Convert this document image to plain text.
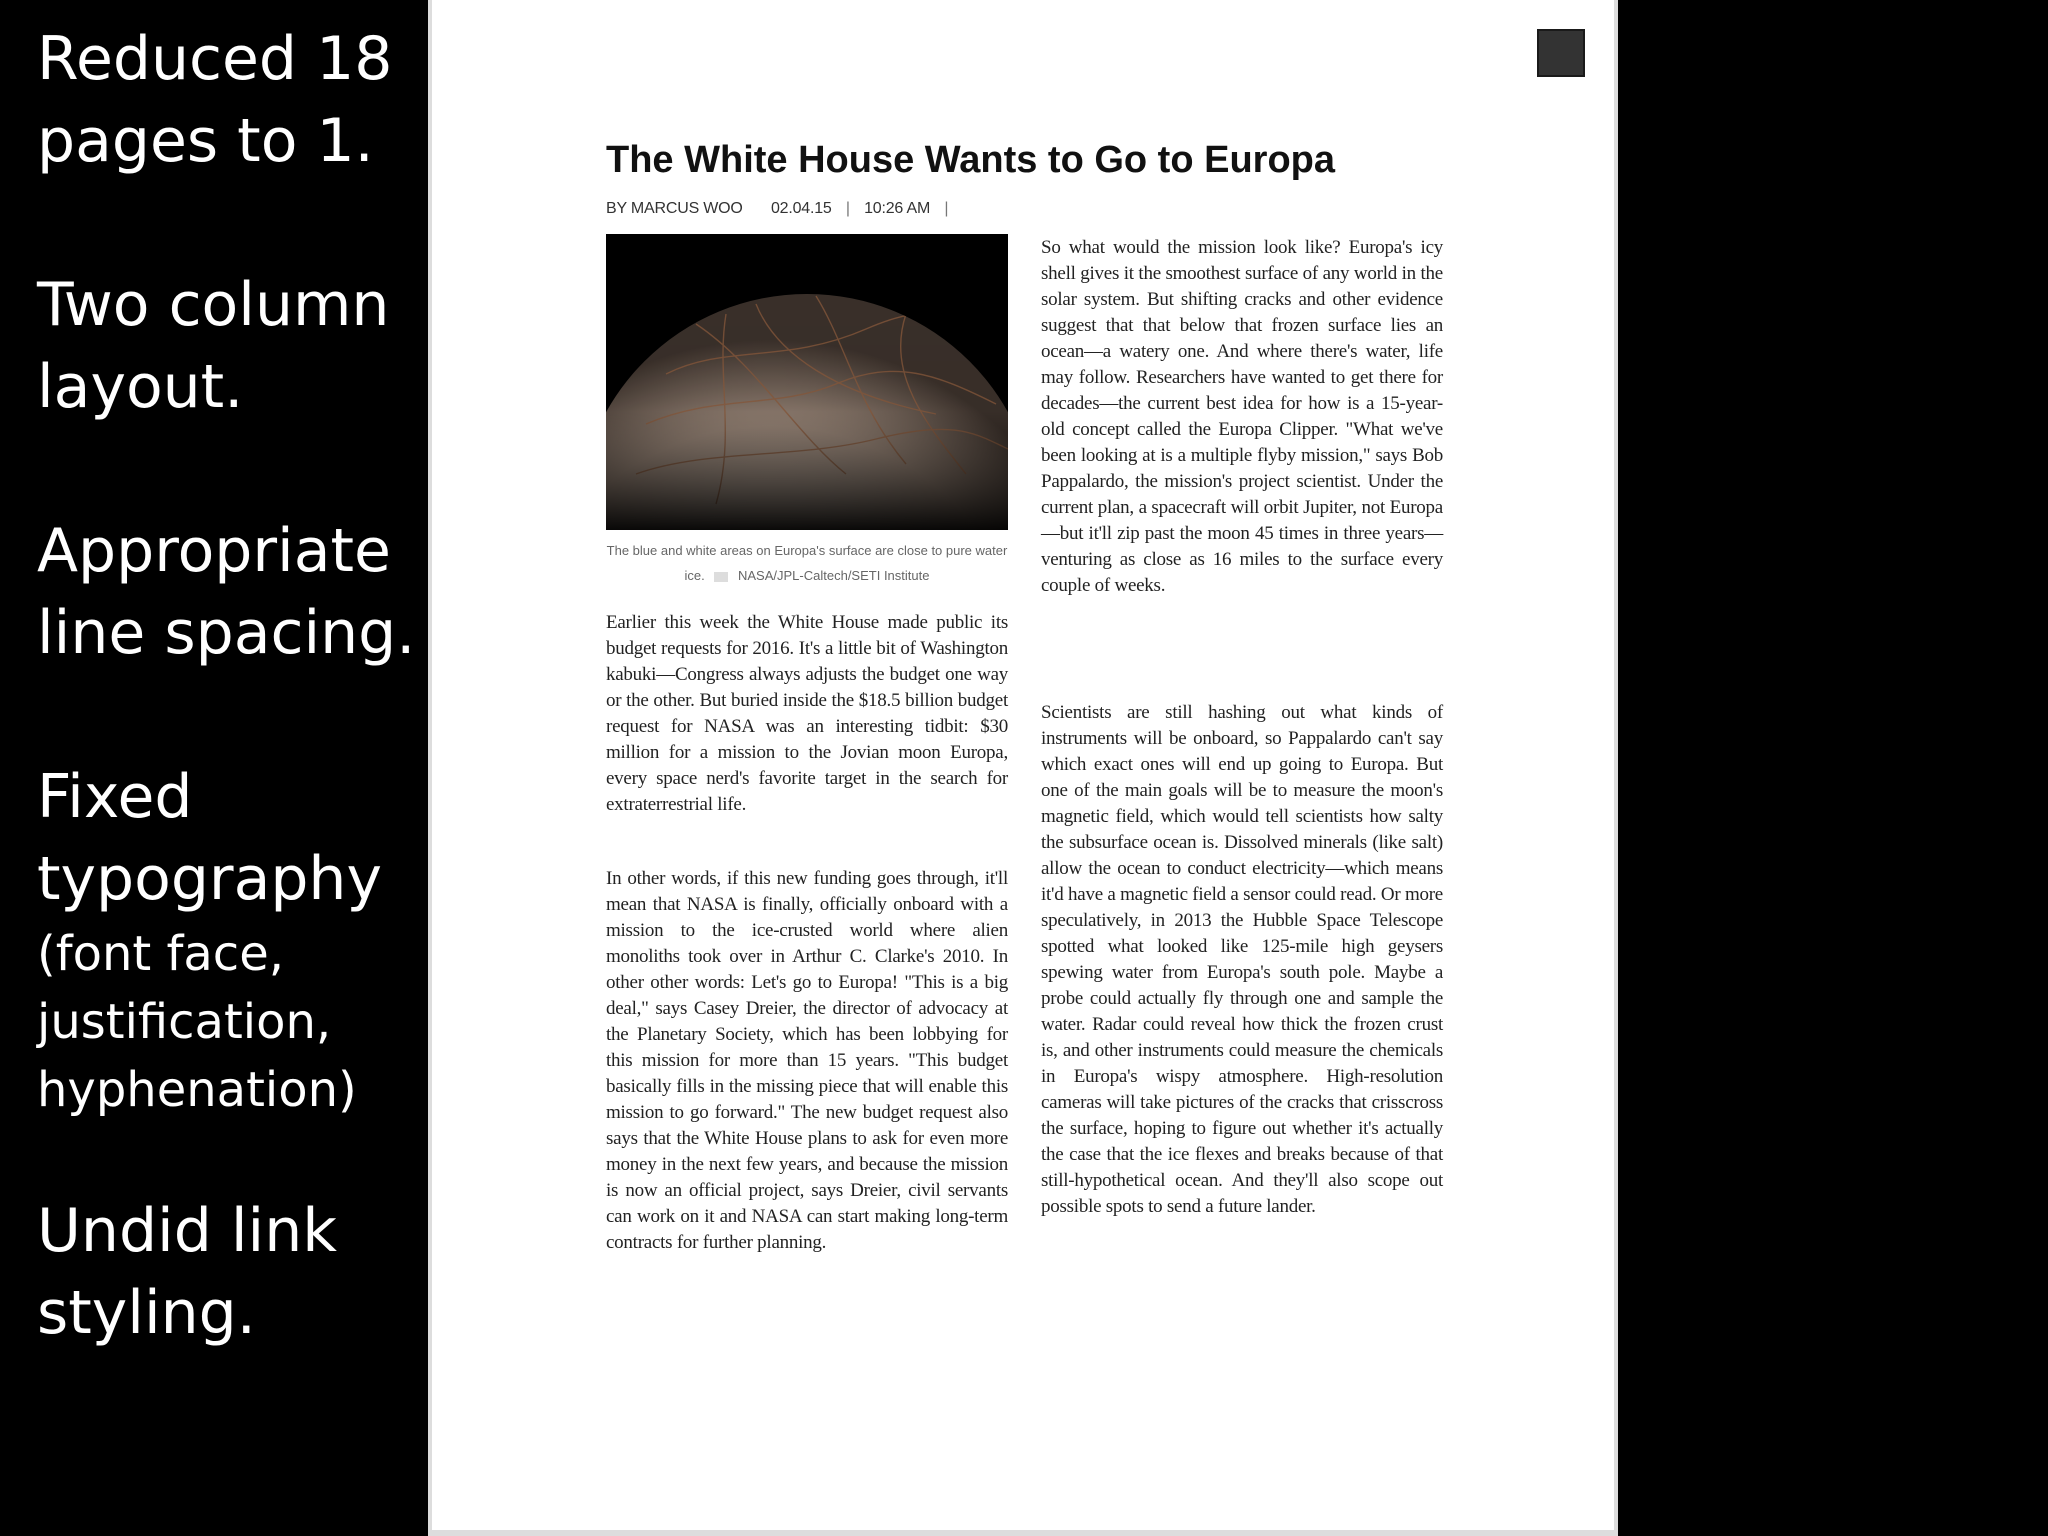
Reduced 18
pages to 1.

Two column
layout.

Appropriate
line spacing.

Fixed
typography
(font face,
justification,
hyphenation)

Undid link
styling.

The White House Wants to Go to Europa
BY MARCUS WOO 02.04.15 | 10:26 AM |

The blue and white areas on Europa's surface are close to pure water ice.	NASA/JPL-Caltech/SETI Institute

Earlier this week the White House made public its budget requests for 2016. It's a little bit of Washington kabuki—Congress always adjusts the budget one way or the other. But buried inside the $18.5 billion budget request for NASA was an interesting tidbit: $30 million for a mission to the Jovian moon Europa, every space nerd's favorite target in the search for extraterrestrial life.

In other words, if this new funding goes through, it'll mean that NASA is finally, officially onboard with a mission to the ice-crusted world where alien monoliths took over in Arthur C. Clarke's 2010. In other other words: Let's go to Europa! "This is a big deal," says Casey Dreier, the director of advocacy at the Planetary Society, which has been lobbying for this mission for more than 15 years. "This budget basically fills in the missing piece that will enable this mission to go forward." The new budget request also says that the White House plans to ask for even more money in the next few years, and because the mission is now an official project, says Dreier, civil servants can work on it and NASA can start making long-term contracts for further planning.

So what would the mission look like? Europa's icy shell gives it the smoothest surface of any world in the solar system. But shifting cracks and other evidence suggest that that below that frozen surface lies an ocean—a watery one. And where there's water, life may follow. Researchers have wanted to get there for decades—the current best idea for how is a 15-year-old concept called the Europa Clipper. "What we've been looking at is a multiple flyby mission," says Bob Pappalardo, the mission's project scientist. Under the current plan, a spacecraft will orbit Jupiter, not Europa—but it'll zip past the moon 45 times in three years—venturing as close as 16 miles to the surface every couple of weeks.

Scientists are still hashing out what kinds of instruments will be onboard, so Pappalardo can't say which exact ones will end up going to Europa. But one of the main goals will be to measure the moon's magnetic field, which would tell scientists how salty the subsurface ocean is. Dissolved minerals (like salt) allow the ocean to conduct electricity—which means it'd have a magnetic field a sensor could read. Or more speculatively, in 2013 the Hubble Space Telescope spotted what looked like 125-mile high geysers spewing water from Europa's south pole. Maybe a probe could actually fly through one and sample the water. Radar could reveal how thick the frozen crust is, and other instruments could measure the chemicals in Europa's wispy atmosphere. High-resolution cameras will take pictures of the cracks that crisscross the surface, hoping to figure out whether it's actually the case that the ice flexes and breaks because of that still-hypothetical ocean. And they'll also scope out possible spots to send a future lander.
